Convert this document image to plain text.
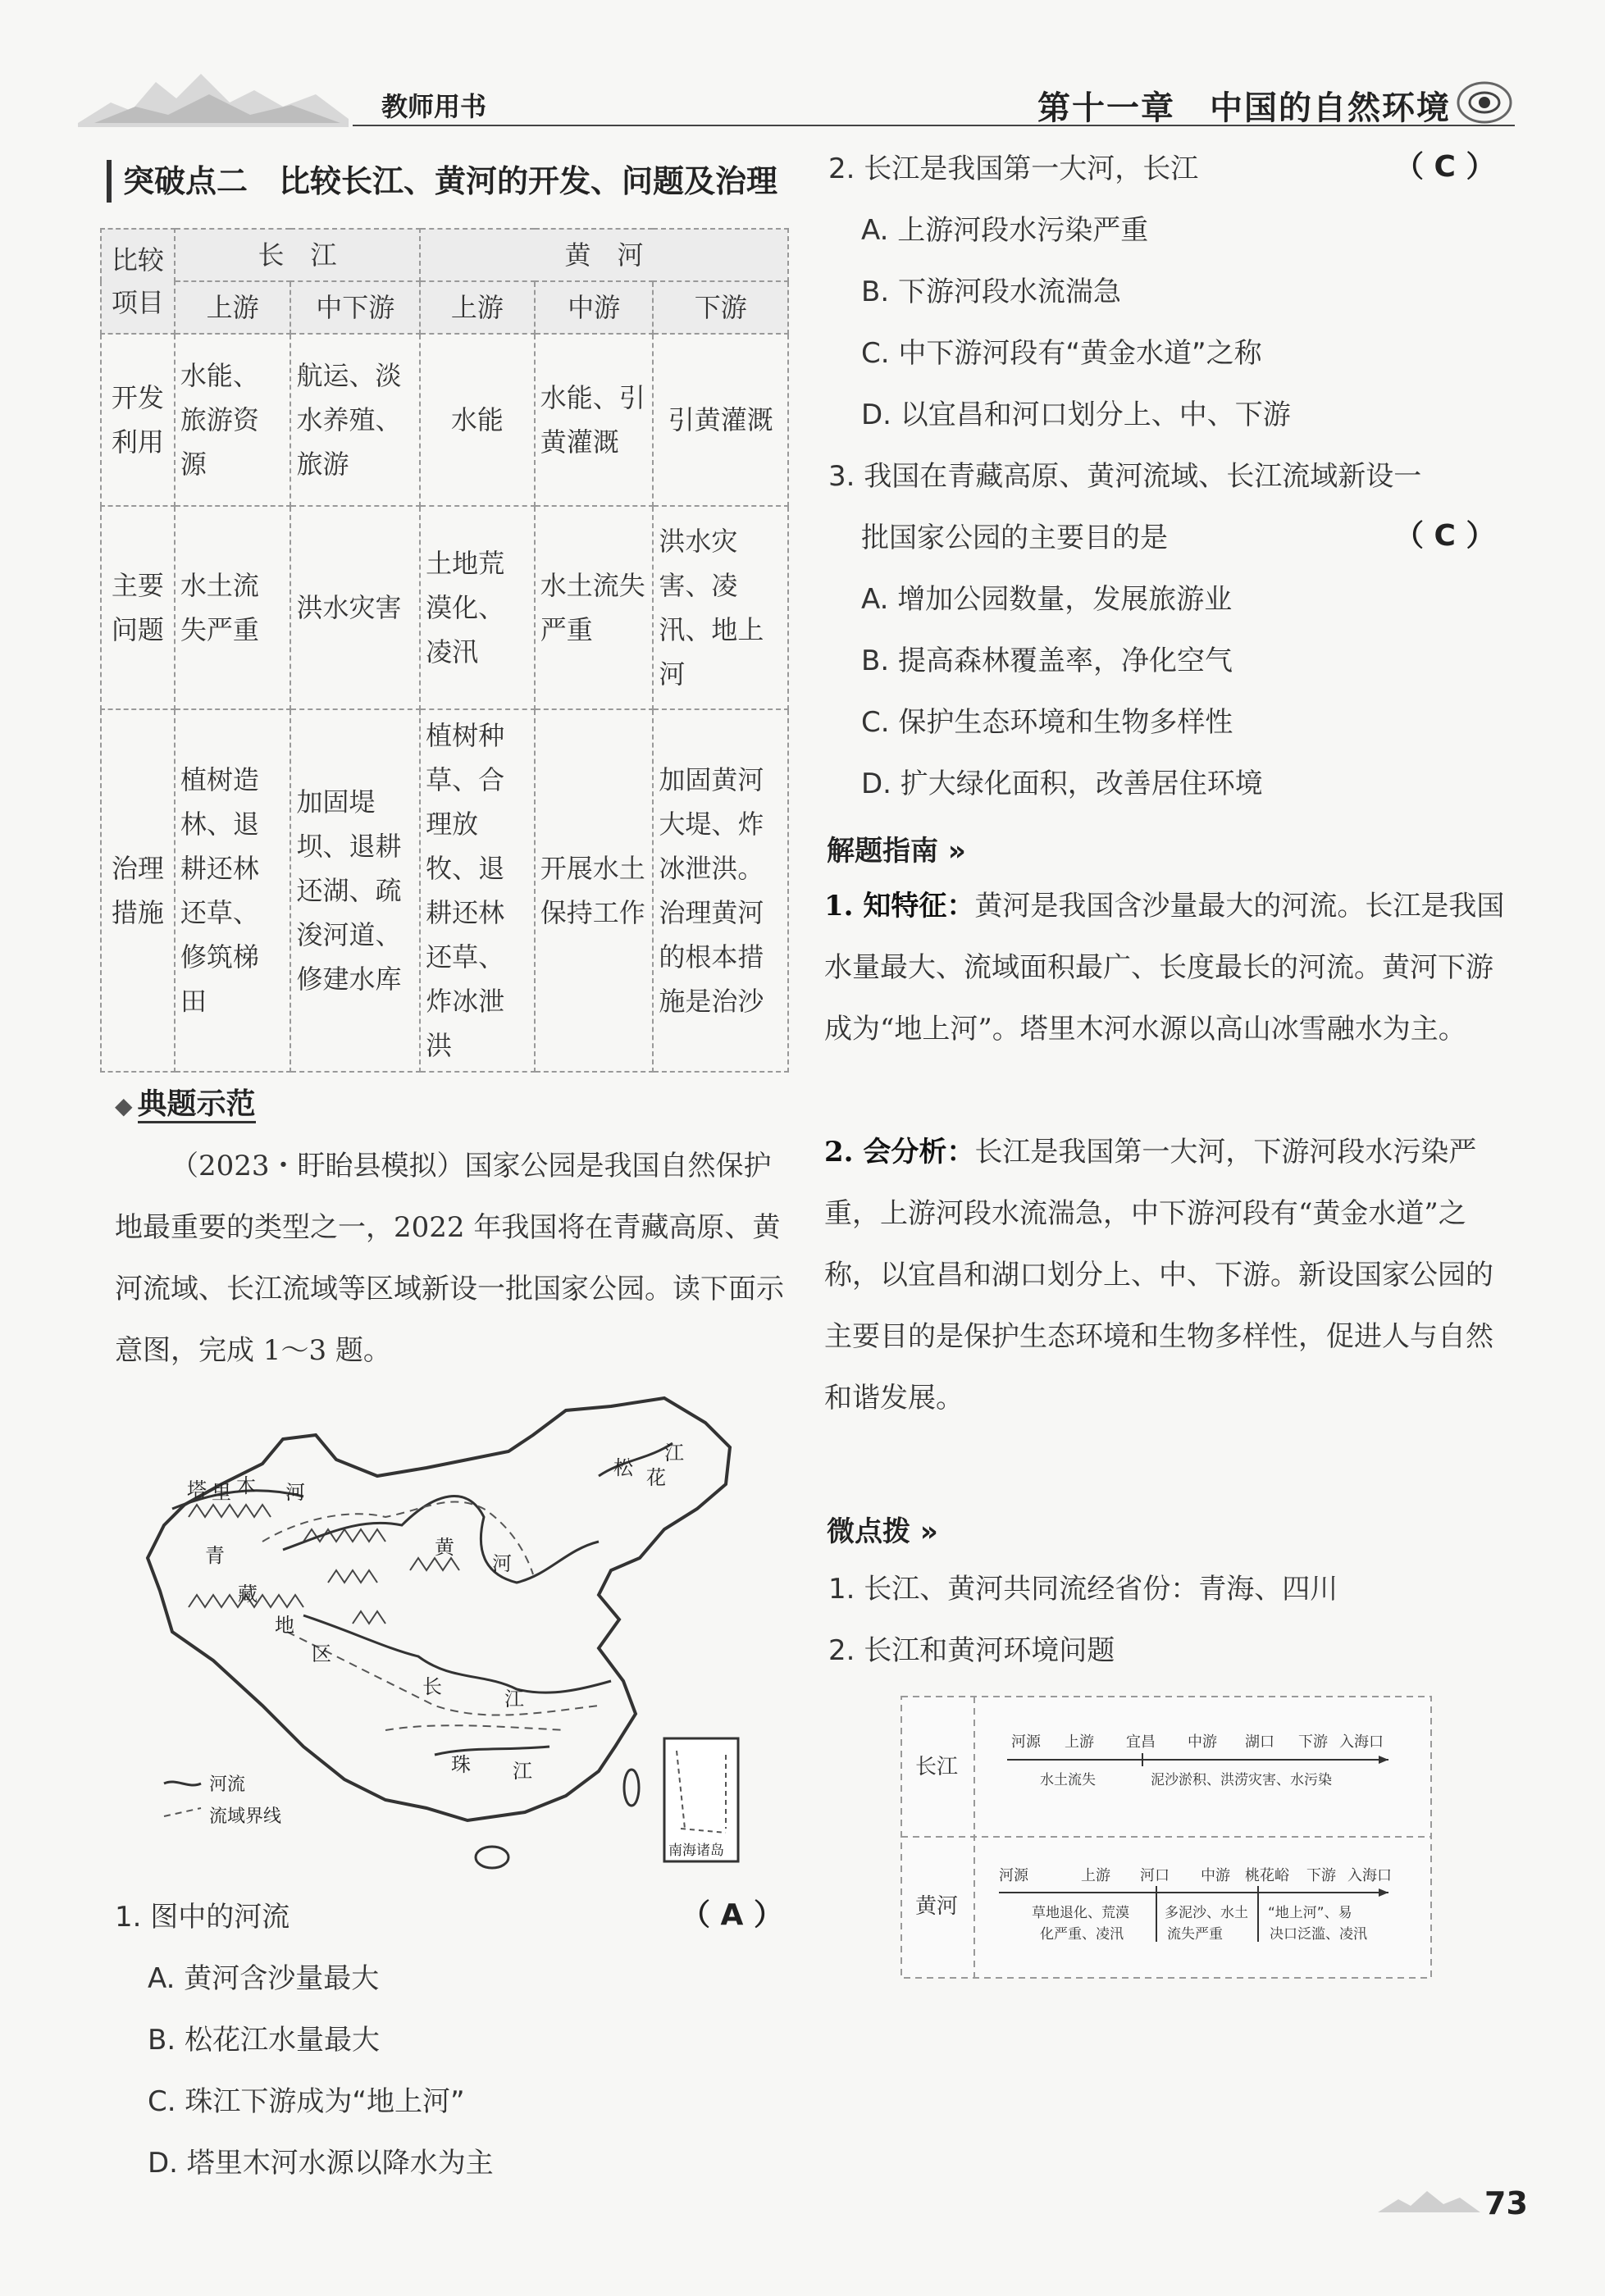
教师用书	第十一章　中国的自然环境
突破点二　比较长江、黄河的开发、问题及治理
比较项目	长　江		黄　河		
	上游	中下游	上游	中游	下游
开发利用	水能、旅游资源	航运、淡水养殖、旅游	水能	水能、引黄灌溉	引黄灌溉
主要问题	水土流失严重	洪水灾害	土地荒漠化、凌汛	水土流失严重	洪水灾害、凌汛、地上河
治理措施	植树造林、退耕还林还草、修筑梯田	加固堤坝、退耕还湖、疏浚河道、修建水库	植树种草、合理放牧、退耕还林还草、炸冰泄洪	开展水土保持工作	加固黄河大堤、炸冰泄洪。治理黄河的根本措施是治沙
◆ 典题示范
（2023・盱眙县模拟）国家公园是我国自然保护地最重要的类型之一，2022 年我国将在青藏高原、黄河流域、长江流域等区域新设一批国家公园。读下面示意图，完成 1～3 题。
塔 里 木 河
松
江
花
青
藏
地
区
黄
河
长
江
珠 江
南海诸岛
河流
流域界线
1. 图中的河流	（ A ）
A. 黄河含沙量最大
B. 松花江水量最大
C. 珠江下游成为“地上河”
D. 塔里木河水源以降水为主
2. 长江是我国第一大河，长江	（ C ）
A. 上游河段水污染严重
B. 下游河段水流湍急
C. 中下游河段有“黄金水道”之称
D. 以宜昌和河口划分上、中、下游
3. 我国在青藏高原、黄河流域、长江流域新设一
批国家公园的主要目的是	（ C ）
A. 增加公园数量，发展旅游业
B. 提高森林覆盖率，净化空气
C. 保护生态环境和生物多样性
D. 扩大绿化面积，改善居住环境
解题指南 »
1. 知特征：黄河是我国含沙量最大的河流。长江是我国水量最大、流域面积最广、长度最长的河流。黄河下游成为“地上河”。塔里木河水源以高山冰雪融水为主。
2. 会分析：长江是我国第一大河，下游河段水污染严重，上游河段水流湍急，中下游河段有“黄金水道”之称，以宜昌和湖口划分上、中、下游。新设国家公园的主要目的是保护生态环境和生物多样性，促进人与自然和谐发展。
微点拨 »
1. 长江、黄河共同流经省份：青海、四川
2. 长江和黄河环境问题
长江
黄河
河源 上游 宜昌 中游 湖口 下游 入海口
水土流失	泥沙淤积、洪涝灾害、水污染
河源	上游 河口 中游 桃花峪 下游 入海口
草地退化、荒漠	多泥沙、水土 “地上河”、易
化严重、凌汛	流失严重	决口泛滥、凌汛
73
